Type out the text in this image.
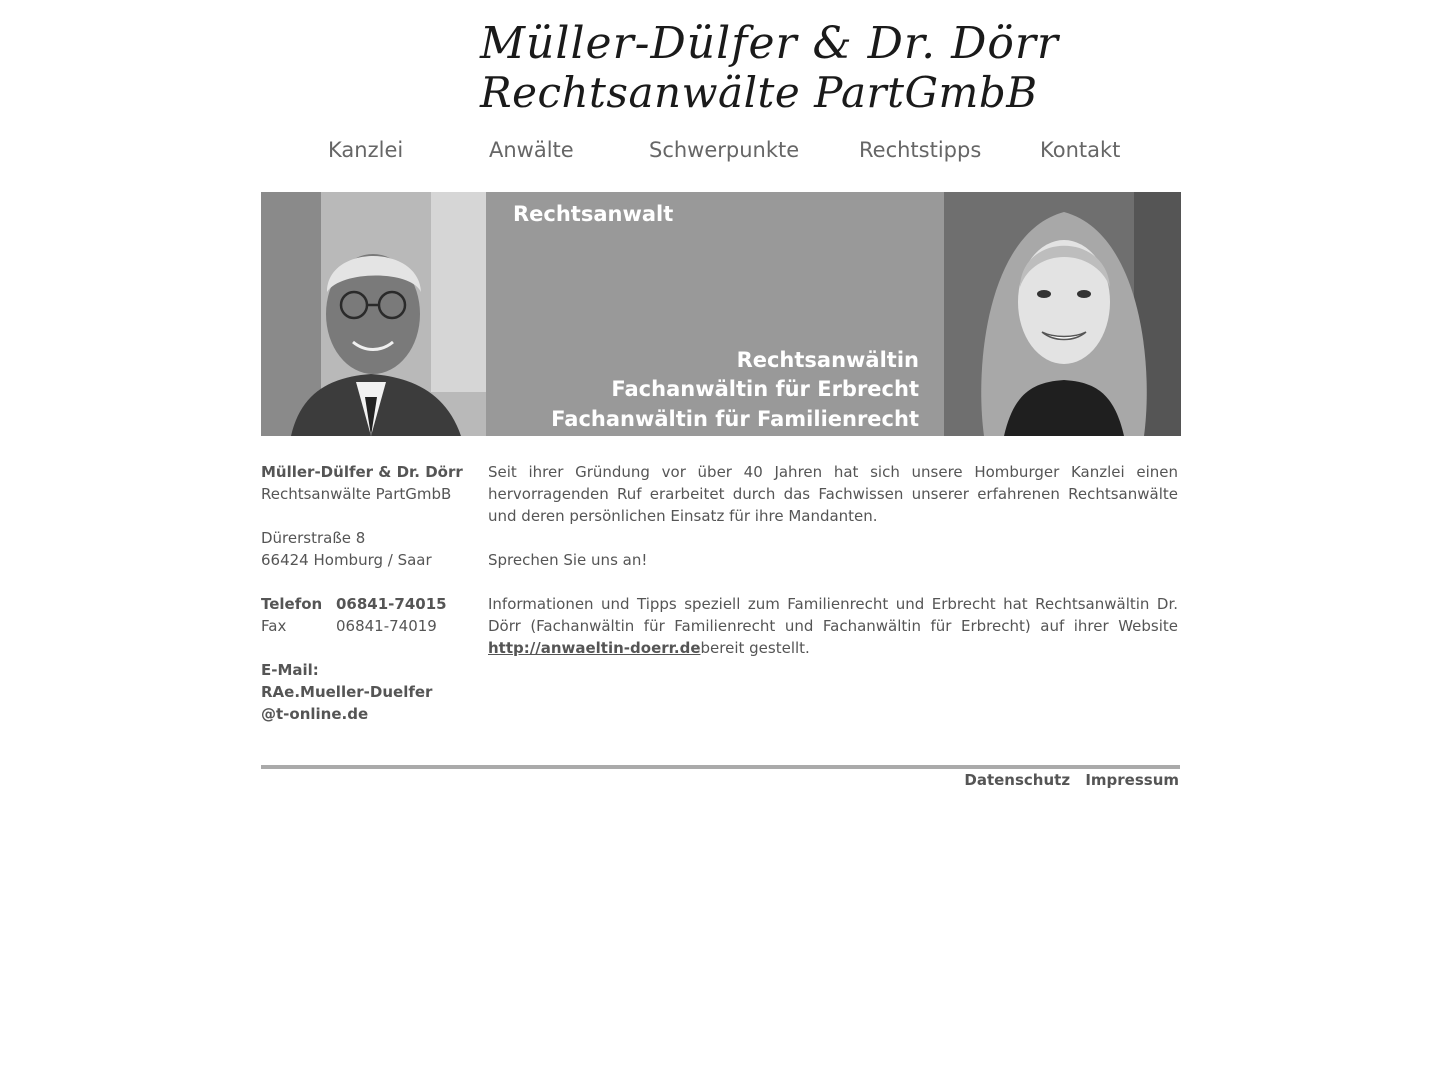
Müller-Dülfer & Dr. Dörr
Rechtsanwälte PartGmbB
Kanzlei	Anwälte	Schwerpunkte	Rechtstipps	Kontakt
Rechtsanwalt
Rechtsanwältin
Fachanwältin für Erbrecht
Fachanwältin für Familienrecht
Müller-Dülfer & Dr. Dörr
Rechtsanwälte PartGmbB
Dürerstraße 8
66424 Homburg / Saar
Telefon 06841-74015
Fax	06841-74019
E-Mail:
RAe.Mueller-Duelfer
@t-online.de

Seit ihrer Gründung vor über 40 Jahren hat sich unsere Homburger Kanzlei einen hervorragenden Ruf erarbeitet durch das Fachwissen unserer erfahrenen Rechtsanwälte und deren persönlichen Einsatz für ihre Mandanten.

Sprechen Sie uns an!

Informationen und Tipps speziell zum Familienrecht und Erbrecht hat Rechtsanwältin Dr. Dörr (Fachanwältin für Familienrecht und Fachanwältin für Erbrecht) auf ihrer Website http://anwaeltin-doerr.debereit gestellt.

Datenschutz Impressum
